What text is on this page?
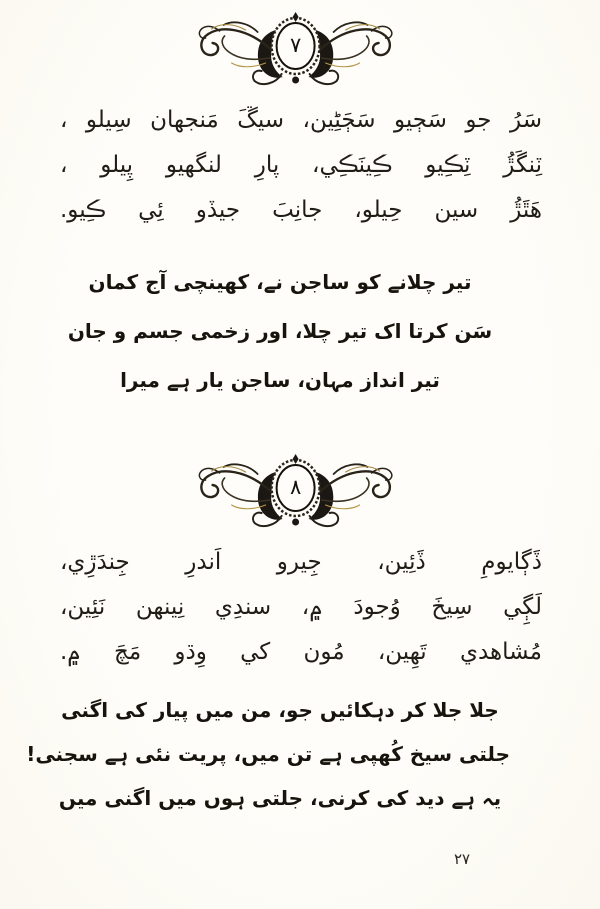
۷
سَرُ جو سَڄيو سَڄَڻِين، سيڱَ مَنجهان سِيلو ،
ٽِنگَڙُ ٽِڪِيو ڪِينَڪِي، پارِ لنگهيو پِيلو ،
هَٿَڙُ سين حِيلو، جانِبَ جيڏو ئِي ڪِيو.
تیر چلانے کو ساجن نے، کھینچی آج کمان
سَن کرتا اک تیر چلا، اور زخمی جسم و جان
تیر انداز مہان، ساجن یار ہے میرا
۸
ڏَڳايومِ ڏَئِين، جِيرو اَندرِ جِندَڙِي،
لَڳِي سِيخَ وُجودَ ۾، سندِي نِينهن نَئِين،
مُشاهدي تَهِين، مُون کي وِڌو مَچَ ۾.
جلا جلا کر دہکائیں جو، من میں پیار کی اگنی
جلتی سیخ کُھپی ہے تن میں، پریت نئی ہے سجنی!
یہ ہے دید کی کرنی، جلتی ہوں میں اگنی میں
۲۷
